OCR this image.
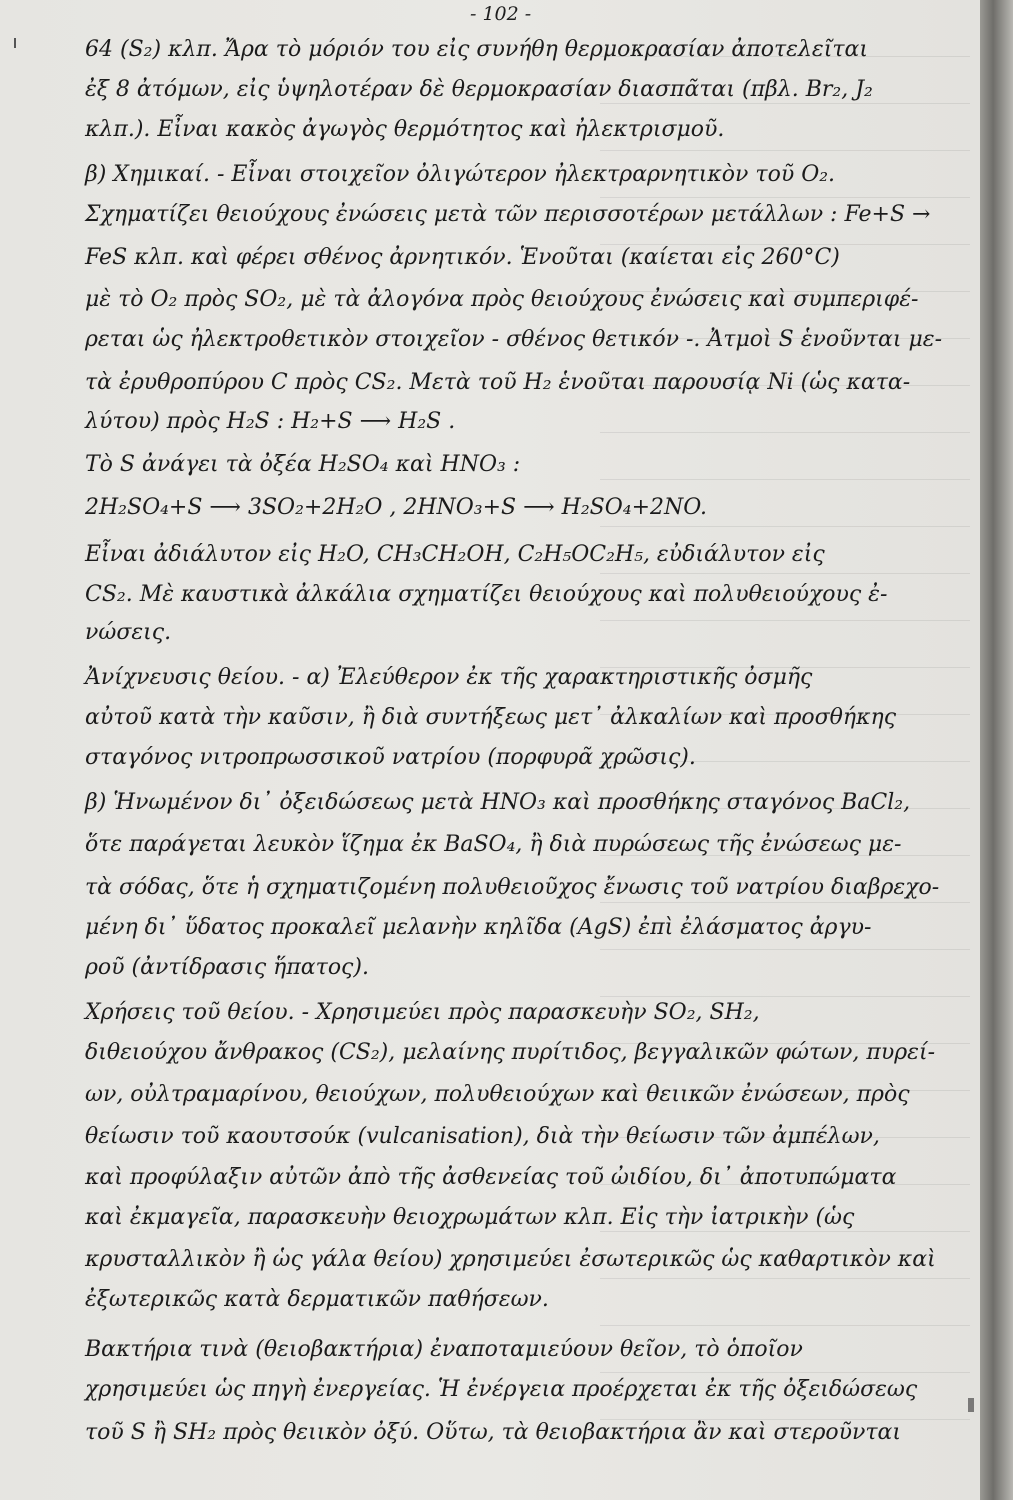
- 102 -
64 (S₂) κλπ. Ἄρα τὸ μόριόν του εἰς συνήθη θερμοκρασίαν ἀποτελεῖται
ἐξ 8 ἀτόμων, εἰς ὑψηλοτέραν δὲ θερμοκρασίαν διασπᾶται (πβλ. Br₂, J₂
κλπ.). Εἶναι κακὸς ἀγωγὸς θερμότητος καὶ ἠλεκτρισμοῦ.
β) Χημικαί. - Εἶναι στοιχεῖον ὀλιγώτερον ἠλεκτραρνητικὸν τοῦ O₂.
Σχηματίζει θειούχους ἐνώσεις μετὰ τῶν περισσοτέρων μετάλλων : Fe+S →
FeS κλπ. καὶ φέρει σθένος ἀρνητικόν. Ἑνοῦται (καίεται εἰς 260°C)
μὲ τὸ O₂ πρὸς SO₂, μὲ τὰ ἀλογόνα πρὸς θειούχους ἐνώσεις καὶ συμπεριφέ-
ρεται ὡς ἠλεκτροθετικὸν στοιχεῖον - σθένος θετικόν -. Ἀτμοὶ S ἑνοῦνται με-
τὰ ἐρυθροπύρου C πρὸς CS₂. Μετὰ τοῦ H₂ ἑνοῦται παρουσίᾳ Ni (ὡς κατα-
λύτου) πρὸς H₂S : H₂+S ⟶ H₂S .
Τὸ S ἀνάγει τὰ ὀξέα H₂SO₄ καὶ HNO₃ :
2H₂SO₄+S ⟶ 3SO₂+2H₂O , 2HNO₃+S ⟶ H₂SO₄+2NO.
Εἶναι ἀδιάλυτον εἰς H₂O, CH₃CH₂OH, C₂H₅OC₂H₅, εὐδιάλυτον εἰς
CS₂. Μὲ καυστικὰ ἀλκάλια σχηματίζει θειούχους καὶ πολυθειούχους ἐ-
νώσεις.
Ἀνίχνευσις θείου. - α) Ἐλεύθερον ἐκ τῆς χαρακτηριστικῆς ὀσμῆς
αὐτοῦ κατὰ τὴν καῦσιν, ἢ διὰ συντήξεως μετ᾽ ἀλκαλίων καὶ προσθήκης
σταγόνος νιτροπρωσσικοῦ νατρίου (πορφυρᾶ χρῶσις).
β) Ἡνωμένον δι᾽ ὀξειδώσεως μετὰ HNO₃ καὶ προσθήκης σταγόνος BaCl₂,
ὅτε παράγεται λευκὸν ἵζημα ἐκ BaSO₄, ἢ διὰ πυρώσεως τῆς ἐνώσεως με-
τὰ σόδας, ὅτε ἡ σχηματιζομένη πολυθειοῦχος ἔνωσις τοῦ νατρίου διαβρεχο-
μένη δι᾽ ὕδατος προκαλεῖ μελανὴν κηλῖδα (AgS) ἐπὶ ἐλάσματος ἀργυ-
ροῦ (ἀντίδρασις ἥπατος).
Χρήσεις τοῦ θείου. - Χρησιμεύει πρὸς παρασκευὴν SO₂, SH₂,
διθειούχου ἄνθρακος (CS₂), μελαίνης πυρίτιδος, βεγγαλικῶν φώτων, πυρεί-
ων, οὐλτραμαρίνου, θειούχων, πολυθειούχων καὶ θειικῶν ἐνώσεων, πρὸς
θείωσιν τοῦ καουτσούκ (vulcanisation), διὰ τὴν θείωσιν τῶν ἀμπέλων,
καὶ προφύλαξιν αὐτῶν ἀπὸ τῆς ἀσθενείας τοῦ ὠιδίου, δι᾽ ἀποτυπώματα
καὶ ἐκμαγεῖα, παρασκευὴν θειοχρωμάτων κλπ. Εἰς τὴν ἰατρικὴν (ὡς
κρυσταλλικὸν ἢ ὡς γάλα θείου) χρησιμεύει ἐσωτερικῶς ὡς καθαρτικὸν καὶ
ἐξωτερικῶς κατὰ δερματικῶν παθήσεων.
Βακτήρια τινὰ (θειοβακτήρια) ἐναποταμιεύουν θεῖον, τὸ ὁποῖον
χρησιμεύει ὡς πηγὴ ἐνεργείας. Ἡ ἐνέργεια προέρχεται ἐκ τῆς ὀξειδώσεως
τοῦ S ἢ SH₂ πρὸς θειικὸν ὀξύ. Οὕτω, τὰ θειοβακτήρια ἂν καὶ στεροῦνται
